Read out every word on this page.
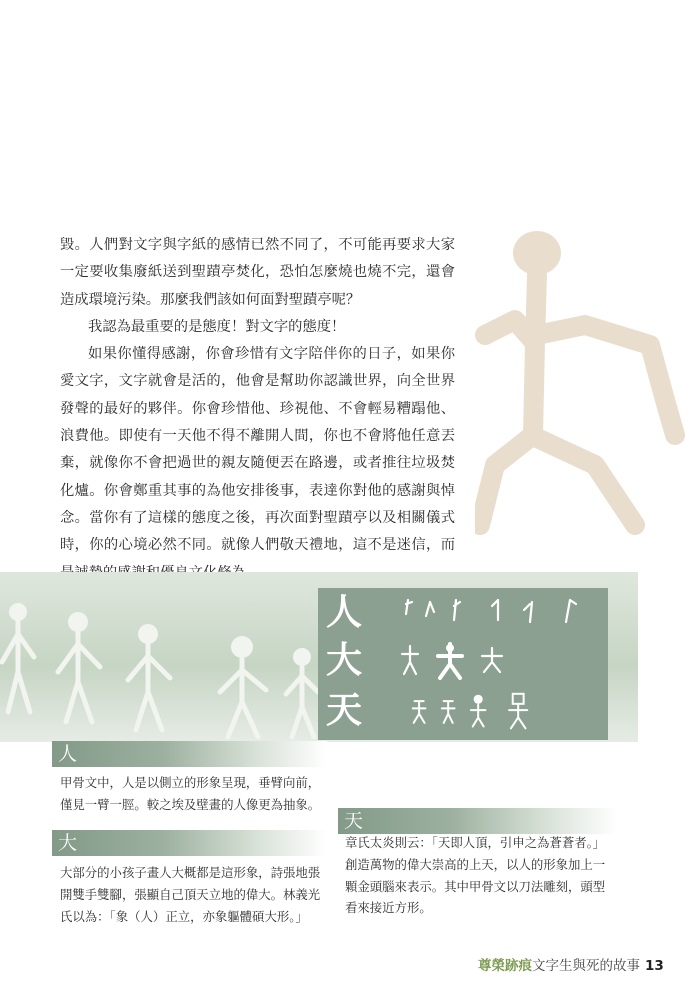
毀。人們對文字與字紙的感情已然不同了，不可能再要求大家一定要收集廢紙送到聖蹟亭焚化，恐怕怎麼燒也燒不完，還會造成環境污染。那麼我們該如何面對聖蹟亭呢？

我認為最重要的是態度！對文字的態度！

如果你懂得感謝，你會珍惜有文字陪伴你的日子，如果你愛文字，文字就會是活的，他會是幫助你認識世界，向全世界發聲的最好的夥伴。你會珍惜他、珍視他、不會輕易糟蹋他、浪費他。即使有一天他不得不離開人間，你也不會將他任意丟棄，就像你不會把過世的親友隨便丟在路邊，或者推往垃圾焚化爐。你會鄭重其事的為他安排後事，表達你對他的感謝與悼念。當你有了這樣的態度之後，再次面對聖蹟亭以及相關儀式時，你的心境必然不同。就像人們敬天禮地，這不是迷信，而

人
大
天
人

甲骨文中，人是以側立的形象呈現，垂臂向前，僅見一臂一脛。較之埃及壁畫的人像更為抽象。

大

大部分的小孩子畫人大概都是這形象，詩張地張開雙手雙腳，張顯自己頂天立地的偉大。林義光氏以為：「象（人）正立，亦象軀體碩大形。」

天

章氏太炎則云：「天即人頂，引申之為蒼蒼者。」創造萬物的偉大崇高的上天，以人的形象加上一顆金頭腦來表示。其中甲骨文以刀法雕刻，頭型看來接近方形。

尊榮跡痕文字生與死的故事 13
